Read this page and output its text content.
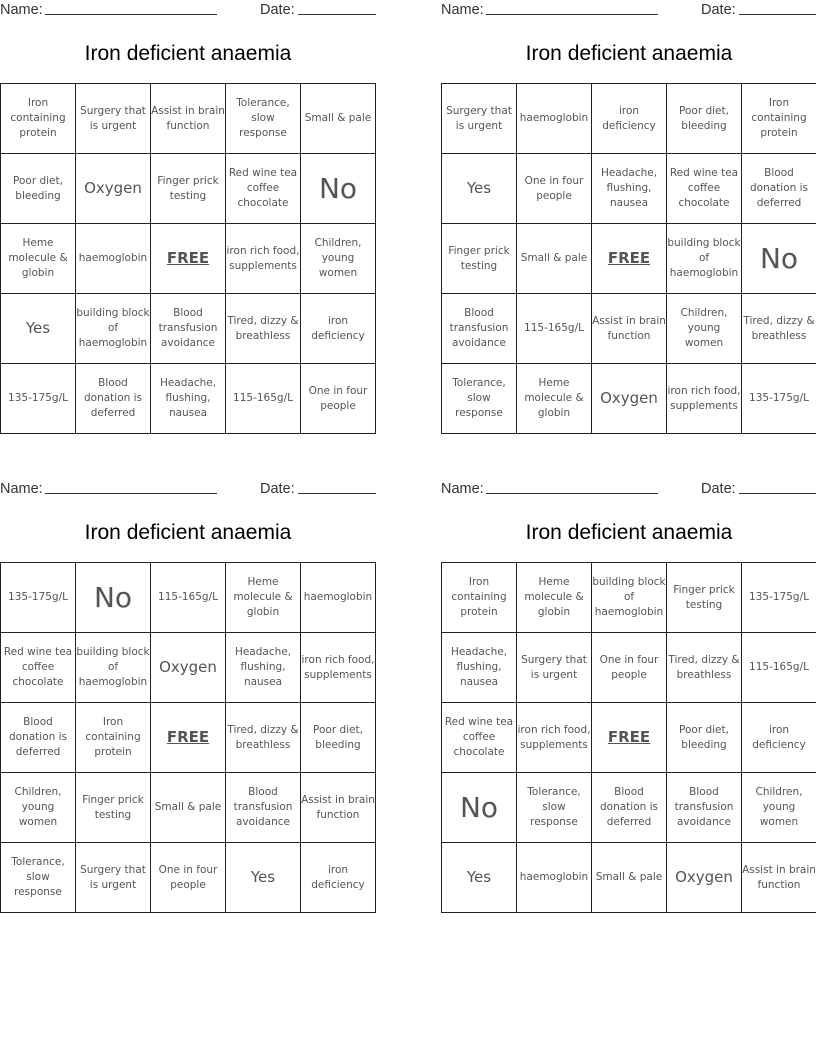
Name:	Date:
Iron deficient anaemia
Iron containing protein	Surgery that is urgent	Assist in brain function	Tolerance, slow response	Small & pale
Poor diet, bleeding	Oxygen	Finger prick testing	Red wine tea coffee chocolate	No
Heme molecule & globin	haemoglobin	FREE	iron rich food, supplements	Children, young women
Yes	building block of haemoglobin	Blood transfusion avoidance	Tired, dizzy & breathless	iron deficiency
135-175g/L	Blood donation is deferred	Headache, flushing, nausea	115-165g/L	One in four people
Name:	Date:
Iron deficient anaemia
Surgery that is urgent	haemoglobin	iron deficiency	Poor diet, bleeding	Iron containing protein
Yes	One in four people	Headache, flushing, nausea	Red wine tea coffee chocolate	Blood donation is deferred
Finger prick testing	Small & pale	FREE	building block of haemoglobin	No
Blood transfusion avoidance	115-165g/L	Assist in brain function	Children, young women	Tired, dizzy & breathless
Tolerance, slow response	Heme molecule & globin	Oxygen	iron rich food, supplements	135-175g/L
Name:	Date:
Iron deficient anaemia
135-175g/L	No	115-165g/L	Heme molecule & globin	haemoglobin
Red wine tea coffee chocolate	building block of haemoglobin	Oxygen	Headache, flushing, nausea	iron rich food, supplements
Blood donation is deferred	Iron containing protein	FREE	Tired, dizzy & breathless	Poor diet, bleeding
Children, young women	Finger prick testing	Small & pale	Blood transfusion avoidance	Assist in brain function
Tolerance, slow response	Surgery that is urgent	One in four people	Yes	iron deficiency
Name:	Date:
Iron deficient anaemia
Iron containing protein	Heme molecule & globin	building block of haemoglobin	Finger prick testing	135-175g/L
Headache, flushing, nausea	Surgery that is urgent	One in four people	Tired, dizzy & breathless	115-165g/L
Red wine tea coffee chocolate	iron rich food, supplements	FREE	Poor diet, bleeding	iron deficiency
No	Tolerance, slow response	Blood donation is deferred	Blood transfusion avoidance	Children, young women
Yes	haemoglobin	Small & pale	Oxygen	Assist in brain function
